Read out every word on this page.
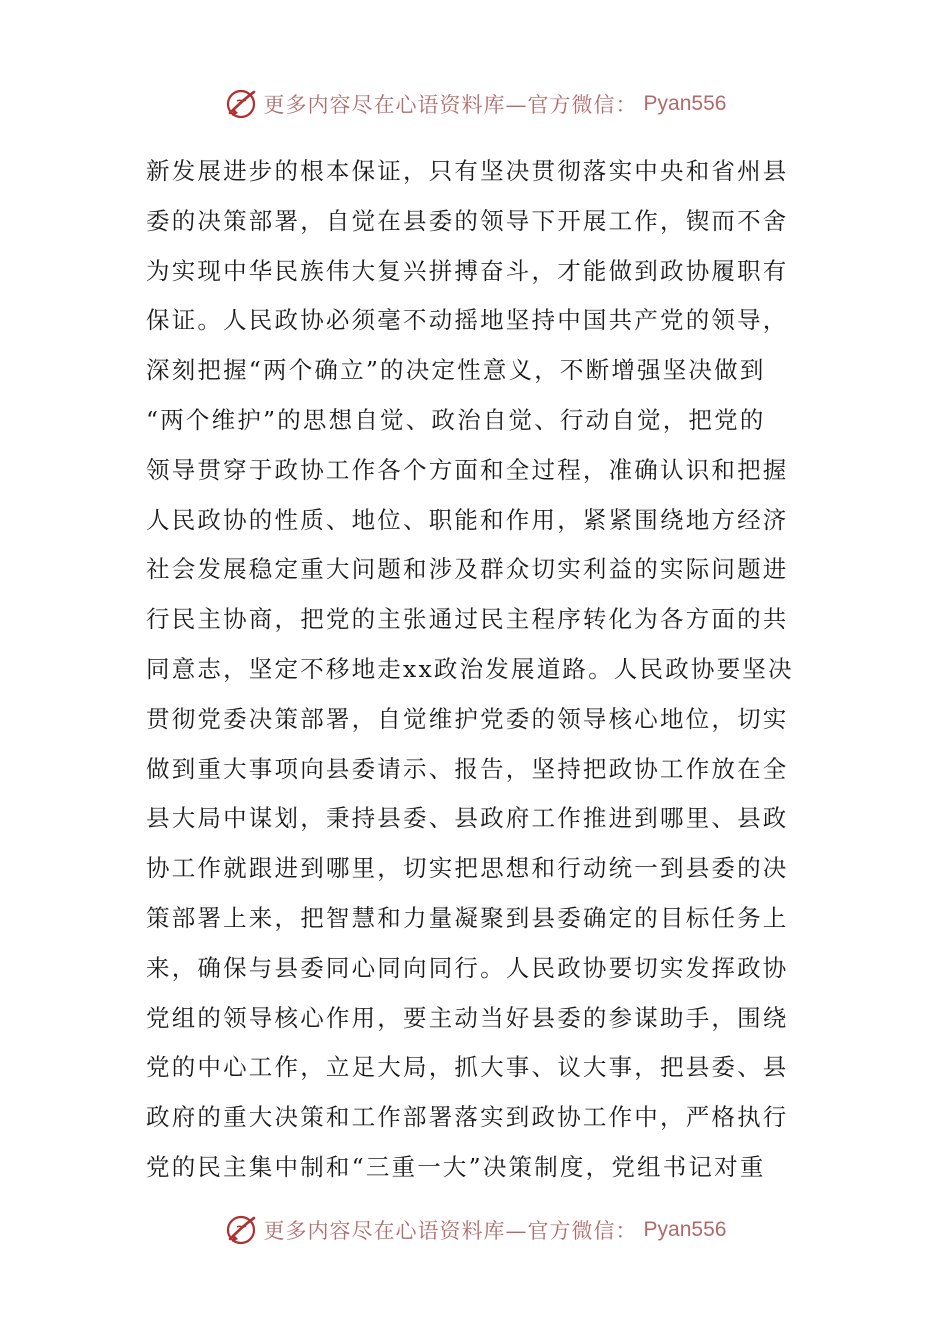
更多内容尽在心语资料库—官方微信： Pyan556
新发展进步的根本保证，只有坚决贯彻落实中央和省州县
委的决策部署，自觉在县委的领导下开展工作，锲而不舍
为实现中华民族伟大复兴拼搏奋斗，才能做到政协履职有
保证。人民政协必须毫不动摇地坚持中国共产党的领导，
深刻把握“两个确立”的决定性意义，不断增强坚决做到
“两个维护”的思想自觉、政治自觉、行动自觉，把党的
领导贯穿于政协工作各个方面和全过程，准确认识和把握
人民政协的性质、地位、职能和作用，紧紧围绕地方经济
社会发展稳定重大问题和涉及群众切实利益的实际问题进
行民主协商，把党的主张通过民主程序转化为各方面的共
同意志，坚定不移地走xx政治发展道路。人民政协要坚决
贯彻党委决策部署，自觉维护党委的领导核心地位，切实
做到重大事项向县委请示、报告，坚持把政协工作放在全
县大局中谋划，秉持县委、县政府工作推进到哪里、县政
协工作就跟进到哪里，切实把思想和行动统一到县委的决
策部署上来，把智慧和力量凝聚到县委确定的目标任务上
来，确保与县委同心同向同行。人民政协要切实发挥政协
党组的领导核心作用，要主动当好县委的参谋助手，围绕
党的中心工作，立足大局，抓大事、议大事，把县委、县
政府的重大决策和工作部署落实到政协工作中，严格执行
党的民主集中制和“三重一大”决策制度，党组书记对重
更多内容尽在心语资料库—官方微信： Pyan556
